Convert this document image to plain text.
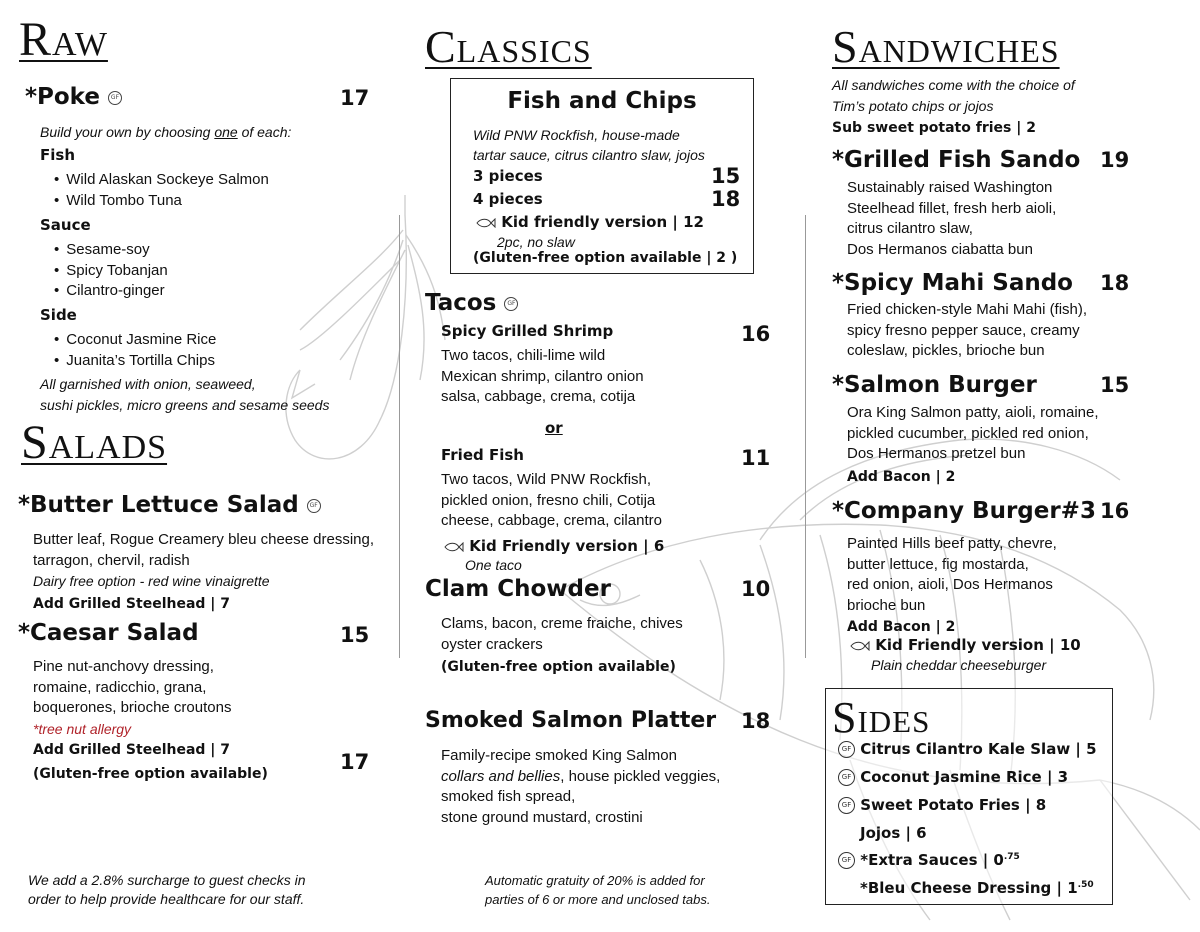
Raw
*Poke GF	17
Build your own by choosing one of each:
Fish
• Wild Alaskan Sockeye Salmon
• Wild Tombo Tuna
Sauce
• Sesame-soy
• Spicy Tobanjan
• Cilantro-ginger
Side
• Coconut Jasmine Rice
• Juanita’s Tortilla Chips
All garnished with onion, seaweed,
sushi pickles, micro greens and sesame seeds
Salads
*Butter Lettuce Salad GF
Butter leaf, Rogue Creamery bleu cheese dressing,
tarragon, chervil, radish
Dairy free option - red wine vinaigrette
Add Grilled Steelhead | 7
*Caesar Salad	15
Pine nut-anchovy dressing,
romaine, radicchio, grana,
boquerones, brioche croutons
*tree nut allergy
Add Grilled Steelhead | 7
(Gluten-free option available)	17
We add a 2.8% surcharge to guest checks in
order to help provide healthcare for our staff.
Classics
Fish and Chips
Wild PNW Rockfish, house-made
tartar sauce, citrus cilantro slaw, jojos
3 pieces	15
4 pieces	18
Kid friendly version | 12
2pc, no slaw
(Gluten-free option available | 2 )
Tacos GF
Spicy Grilled Shrimp	16
Two tacos, chili-lime wild
Mexican shrimp, cilantro onion
salsa, cabbage, crema, cotija
or
Fried Fish	11
Two tacos, Wild PNW Rockfish,
pickled onion, fresno chili, Cotija
cheese, cabbage, crema, cilantro
Kid Friendly version | 6
One taco
Clam Chowder	10
Clams, bacon, creme fraiche, chives
oyster crackers
(Gluten-free option available)
Smoked Salmon Platter 18
Family-recipe smoked King Salmon
collars and bellies, house pickled veggies,
smoked fish spread,
stone ground mustard, crostini
Automatic gratuity of 20% is added for
parties of 6 or more and unclosed tabs.
Sandwiches
All sandwiches come with the choice of
Tim’s potato chips or jojos
Sub sweet potato fries | 2
*Grilled Fish Sando 19
Sustainably raised Washington
Steelhead fillet, fresh herb aioli,
citrus cilantro slaw,
Dos Hermanos ciabatta bun
*Spicy Mahi Sando 18
Fried chicken-style Mahi Mahi (fish),
spicy fresno pepper sauce, creamy
coleslaw, pickles, brioche bun
*Salmon Burger	15
Ora King Salmon patty, aioli, romaine,
pickled cucumber, pickled red onion,
Dos Hermanos pretzel bun
Add Bacon | 2
*Company Burger#3 16
Painted Hills beef patty, chevre,
butter lettuce, fig mostarda,
red onion, aioli, Dos Hermanos
brioche bun
Add Bacon | 2
Kid Friendly version | 10
Plain cheddar cheeseburger
Sides
GF Citrus Cilantro Kale Slaw | 5
GF Coconut Jasmine Rice | 3
GF Sweet Potato Fries | 8
Jojos | 6
GF *Extra Sauces | $0^{.75}$
*Bleu Cheese Dressing | $1^{.50}$
